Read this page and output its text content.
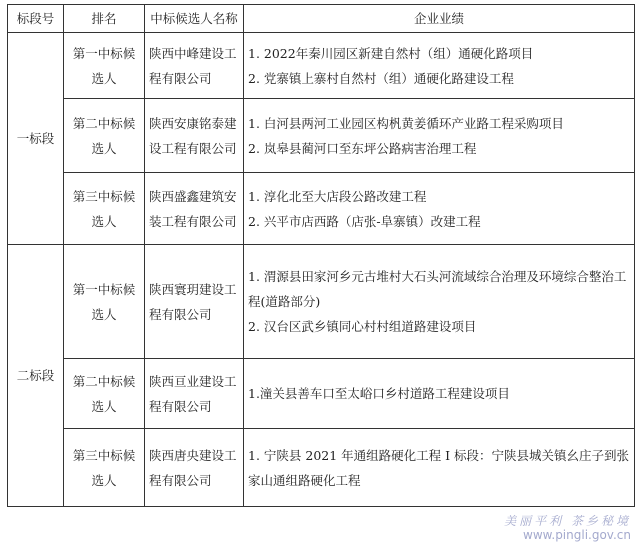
标段号	排名	中标候选人名称	企业业绩
一标段	第一中标候选人	陕西中峰建设工程有限公司	1. 2022年秦川园区新建自然村（组）通硬化路项目
2. 党寨镇上寨村自然村（组）通硬化路建设工程

	第二中标候选人	陕西安康铭泰建设工程有限公司	1. 白河县两河工业园区构杋黄姜循环产业路工程采购项目
2. 岚皋县蔺河口至东坪公路病害治理工程

	第三中标候选人	陕西盛鑫建筑安装工程有限公司	1. 淳化北至大店段公路改建工程
2. 兴平市店西路（店张-阜寨镇）改建工程

二标段	第一中标候选人	陕西寰玥建设工程有限公司	1. 渭源县田家河乡元古堆村大石头河流域综合治理及环境综合整治工程(道路部分)
2. 汉台区武乡镇同心村村组道路建设项目

	第二中标候选人	陕西亘业建设工程有限公司	1.潼关县善车口至太峪口乡村道路工程建设项目

	第三中标候选人	陕西唐央建设工程有限公司	1. 宁陕县 2021 年通组路硬化工程 I 标段：宁陕县城关镇幺庄子到张家山通组路硬化工程
美丽平利 茶乡秘境
www.pingli.gov.cn
